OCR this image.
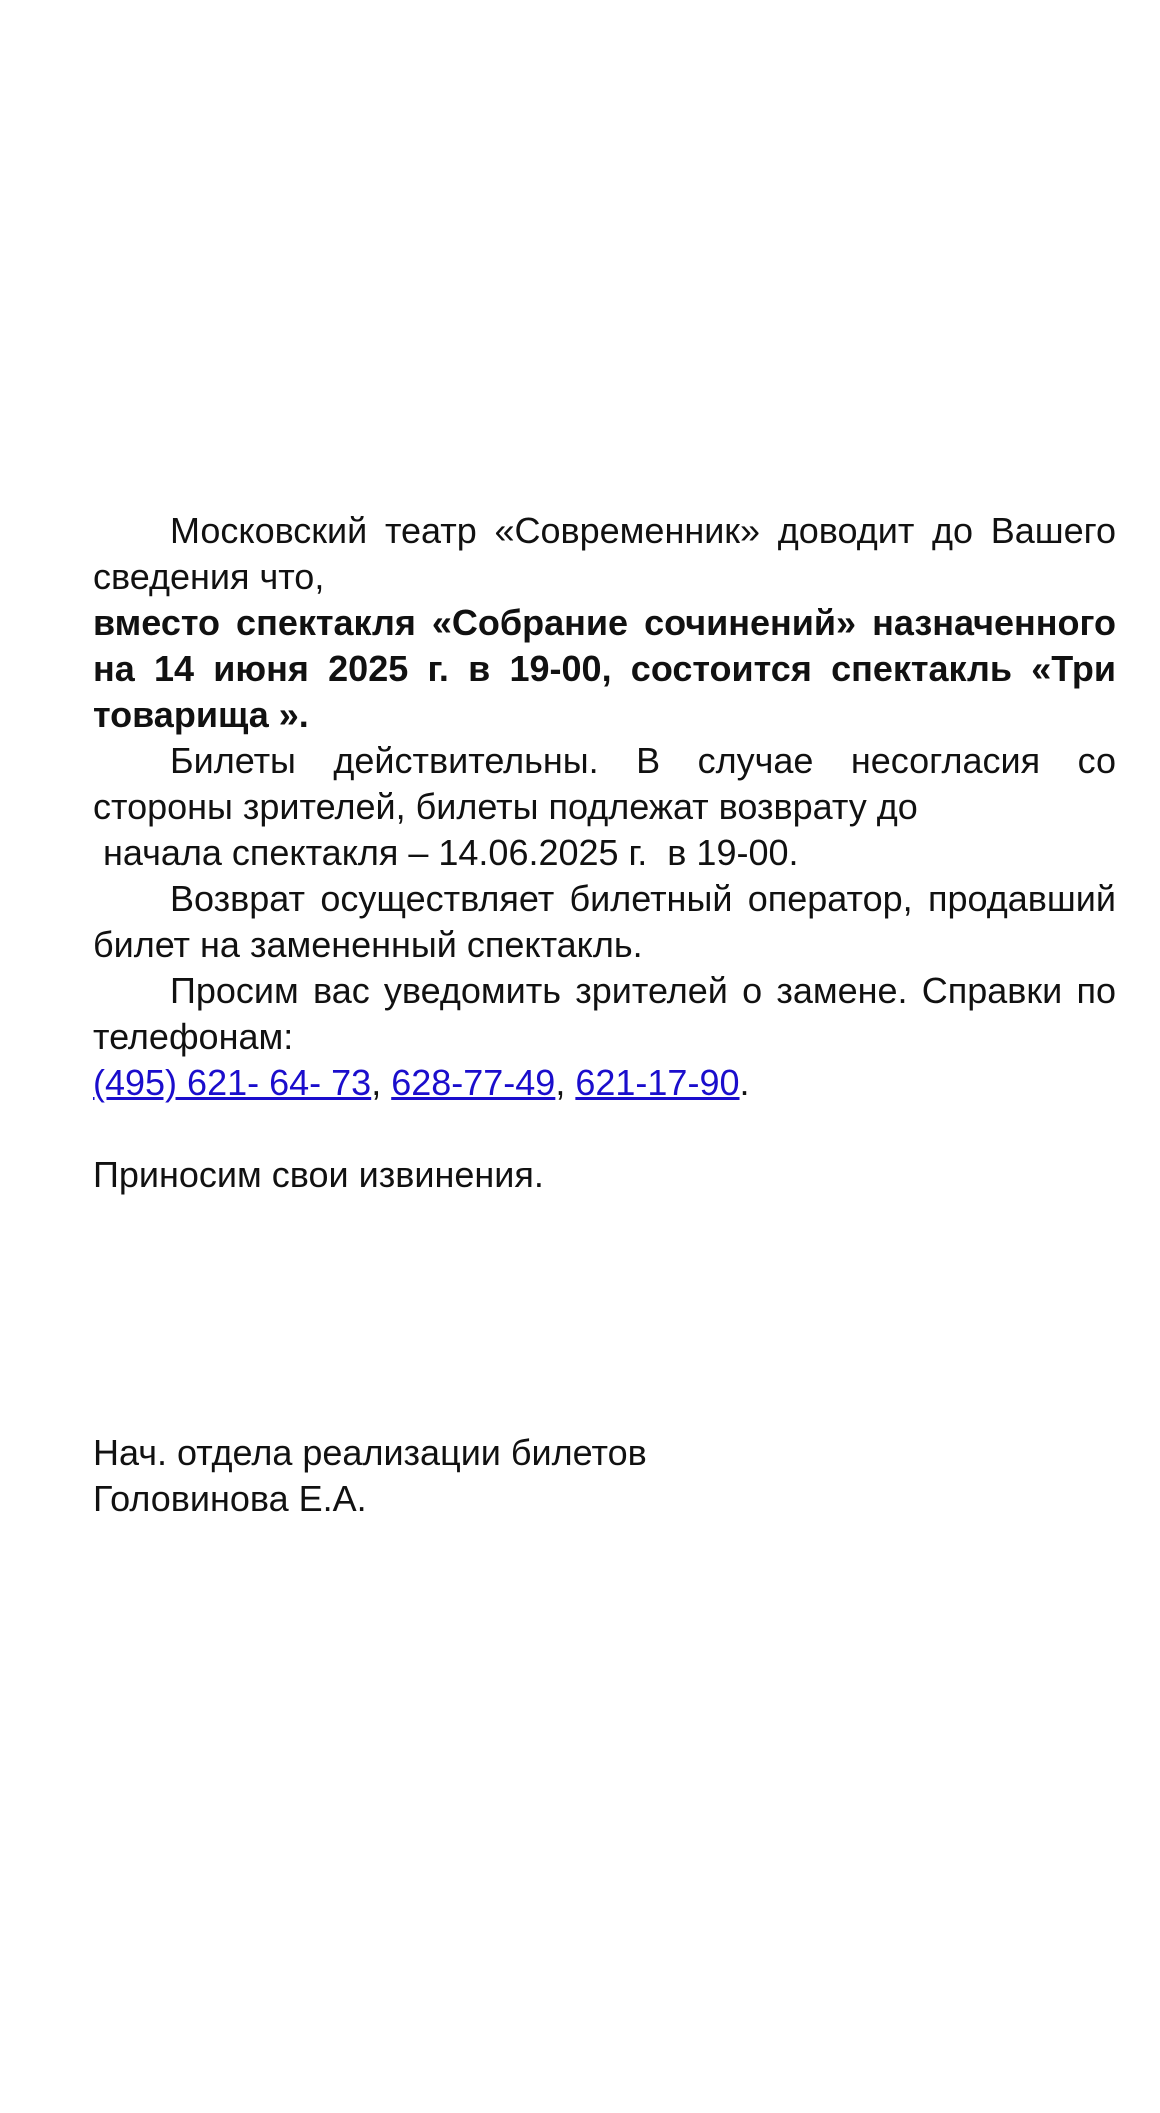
Московский театр «Современник» доводит до Вашего сведения что,

вместо спектакля «Собрание сочинений» назначенного на 14 июня 2025 г. в 19-00, состоится спектакль «Три товарища ».

Билеты действительны. В случае несогласия со стороны зрителей, билеты подлежат возврату до
начала спектакля – 14.06.2025 г.  в 19-00.

Возврат осуществляет билетный оператор, продавший билет на замененный спектакль.

Просим вас уведомить зрителей о замене. Справки по телефонам:

(495) 621- 64- 73, 628-77-49, 621-17-90.

Приносим свои извинения.

Нач. отдела реализации билетов
Головинова Е.А.
